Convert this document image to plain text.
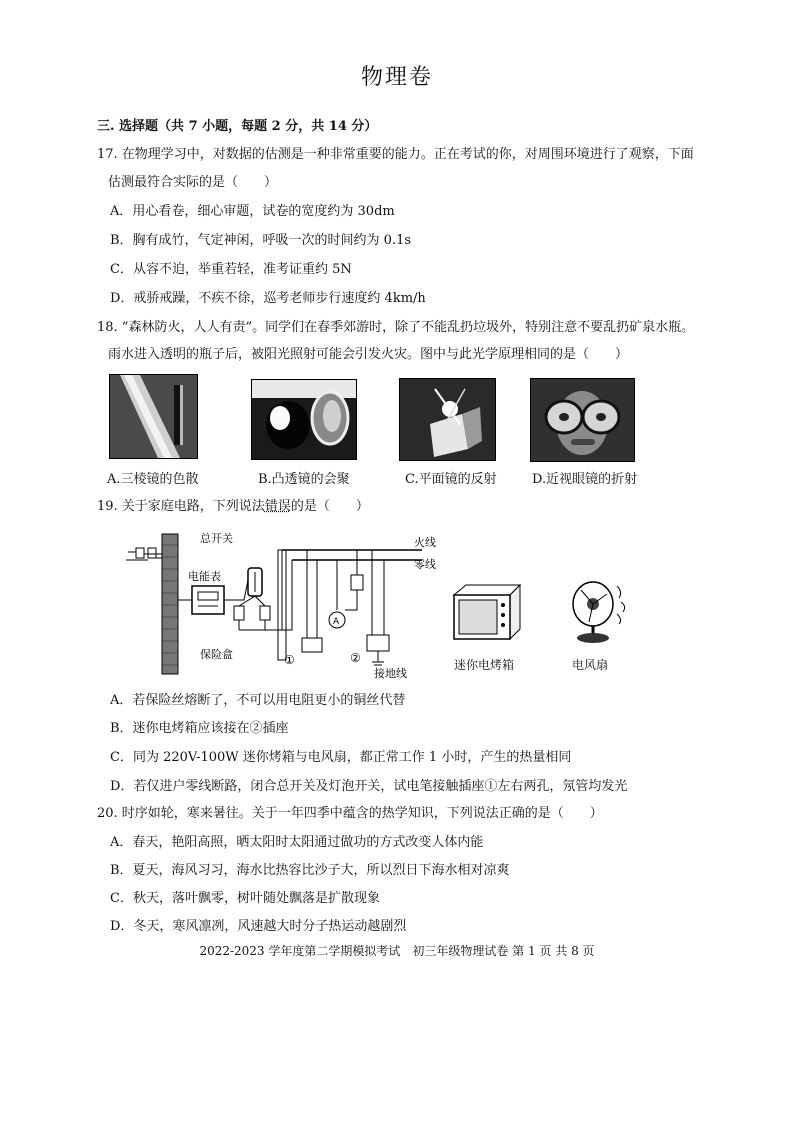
物理卷
三. 选择题（共 7 小题，每题 2 分，共 14 分）
17. 在物理学习中，对数据的估测是一种非常重要的能力。正在考试的你，对周围环境进行了观察，下面
估测最符合实际的是（　　）
A．用心看卷，细心审题，试卷的宽度约为 30dm
B．胸有成竹，气定神闲，呼吸一次的时间约为 0.1s
C．从容不迫，举重若轻，准考证重约 5N
D．戒骄戒躁，不疾不徐，巡考老师步行速度约 4km/h
18. “森林防火，人人有责”。同学们在春季郊游时，除了不能乱扔垃圾外，特别注意不要乱扔矿泉水瓶。
雨水进入透明的瓶子后，被阳光照射可能会引发火灾。图中与此光学原理相同的是（　　）
A.三棱镜的色散	B.凸透镜的会聚	C.平面镜的反射	D.近视眼镜的折射
19. 关于家庭电路，下列说法错误的是（　　）
总开关
电能表
保险盒
火线
零线
①	②
接地线
A
迷你电烤箱	电风扇
A．若保险丝熔断了，不可以用电阻更小的铜丝代替
B．迷你电烤箱应该接在②插座
C．同为 220V-100W 迷你烤箱与电风扇，都正常工作 1 小时，产生的热量相同
D．若仅进户零线断路，闭合总开关及灯泡开关，试电笔接触插座①左右两孔，氖管均发光
20. 时序如轮，寒来暑往。关于一年四季中蕴含的热学知识，下列说法正确的是（　　）
A．春天，艳阳高照，晒太阳时太阳通过做功的方式改变人体内能
B．夏天，海风习习，海水比热容比沙子大，所以烈日下海水相对凉爽
C．秋天，落叶飘零，树叶随处飘落是扩散现象
D．冬天，寒风凛冽，风速越大时分子热运动越剧烈
2022-2023 学年度第二学期模拟考试　初三年级物理试卷 第 1 页 共 8 页
